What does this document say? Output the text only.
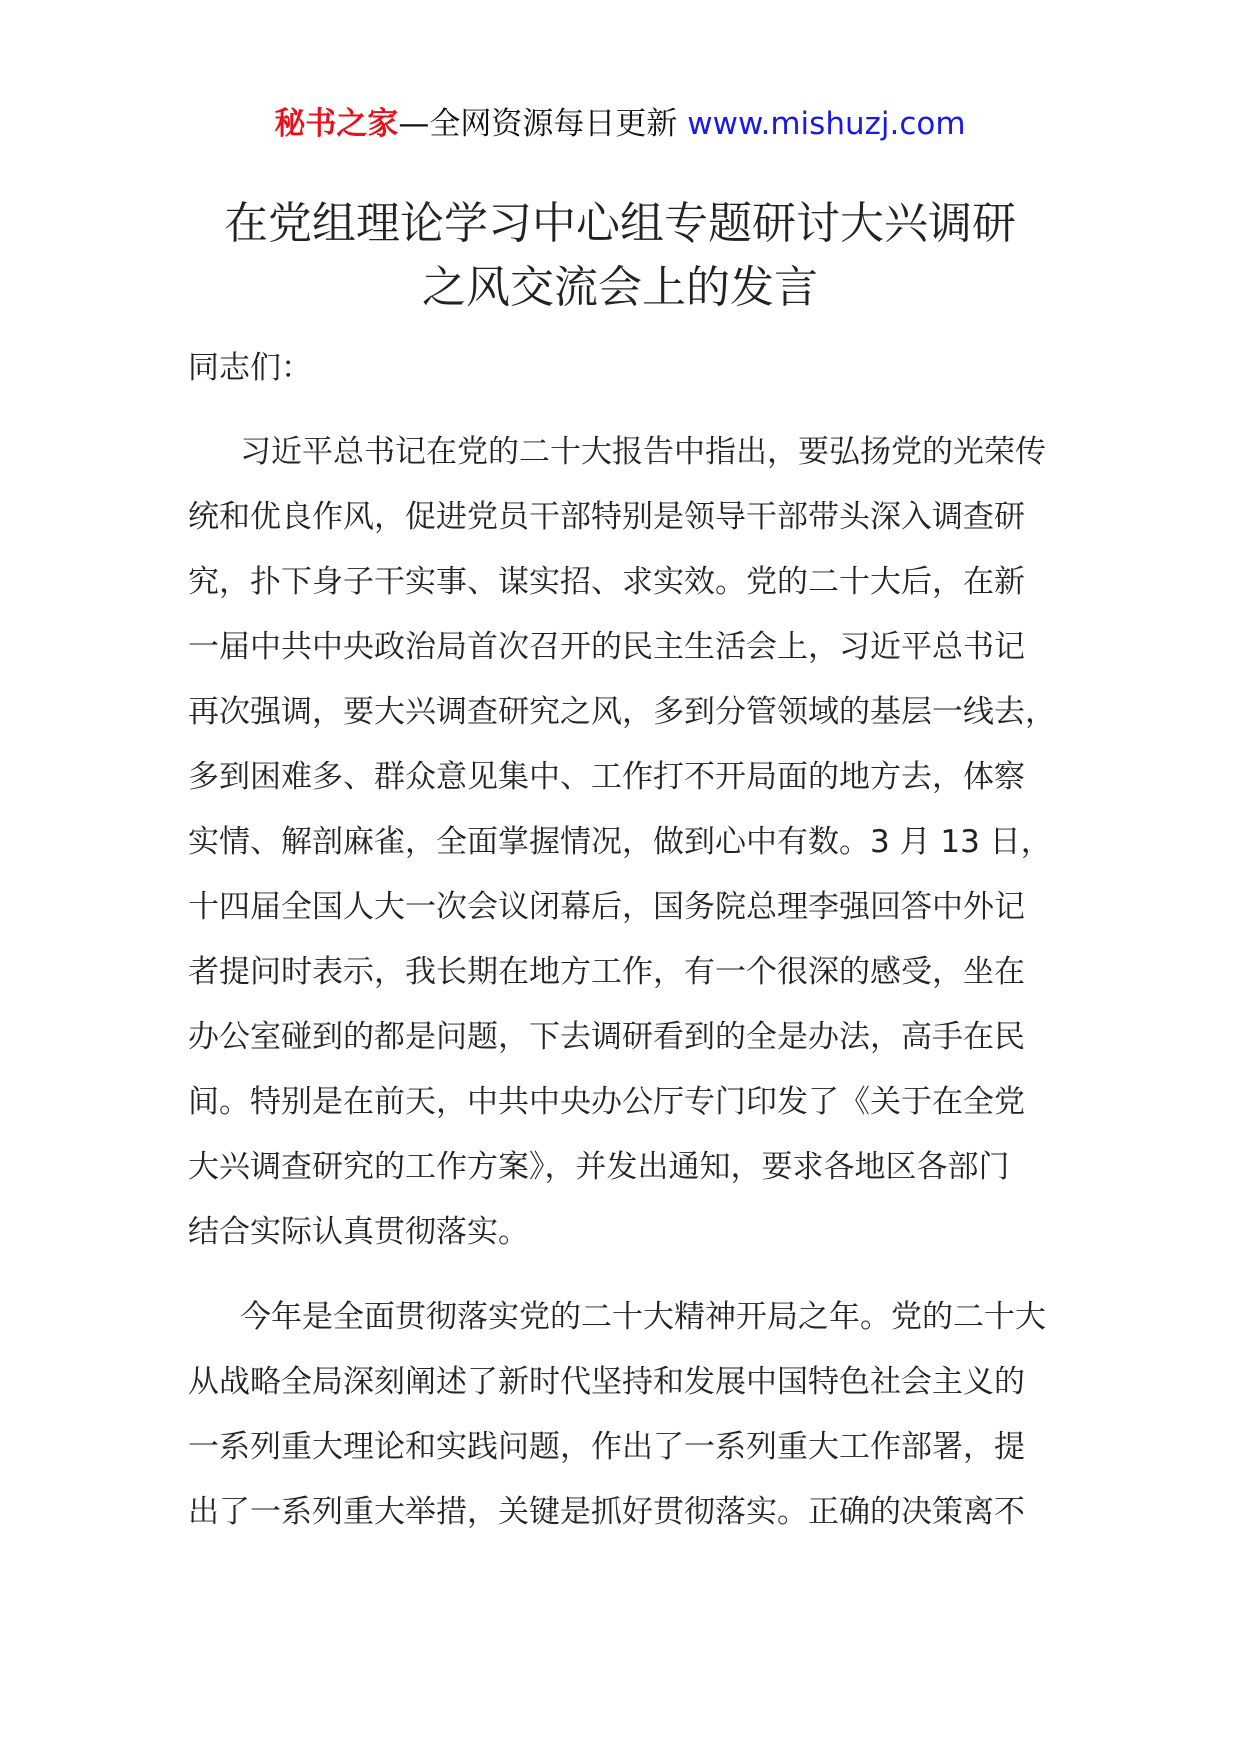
秘书之家—全网资源每日更新 www.mishuzj.com
在党组理论学习中心组专题研讨大兴调研
之风交流会上的发言
同志们：
习近平总书记在党的二十大报告中指出，要弘扬党的光荣传
统和优良作风，促进党员干部特别是领导干部带头深入调查研
究，扑下身子干实事、谋实招、求实效。党的二十大后，在新
一届中共中央政治局首次召开的民主生活会上，习近平总书记
再次强调，要大兴调查研究之风，多到分管领域的基层一线去，
多到困难多、群众意见集中、工作打不开局面的地方去，体察
实情、解剖麻雀，全面掌握情况，做到心中有数。3 月 13 日，
十四届全国人大一次会议闭幕后，国务院总理李强回答中外记
者提问时表示，我长期在地方工作，有一个很深的感受，坐在
办公室碰到的都是问题，下去调研看到的全是办法，高手在民
间。特别是在前天，中共中央办公厅专门印发了《关于在全党
大兴调查研究的工作方案》，并发出通知，要求各地区各部门
结合实际认真贯彻落实。
今年是全面贯彻落实党的二十大精神开局之年。党的二十大
从战略全局深刻阐述了新时代坚持和发展中国特色社会主义的
一系列重大理论和实践问题，作出了一系列重大工作部署，提
出了一系列重大举措，关键是抓好贯彻落实。正确的决策离不
